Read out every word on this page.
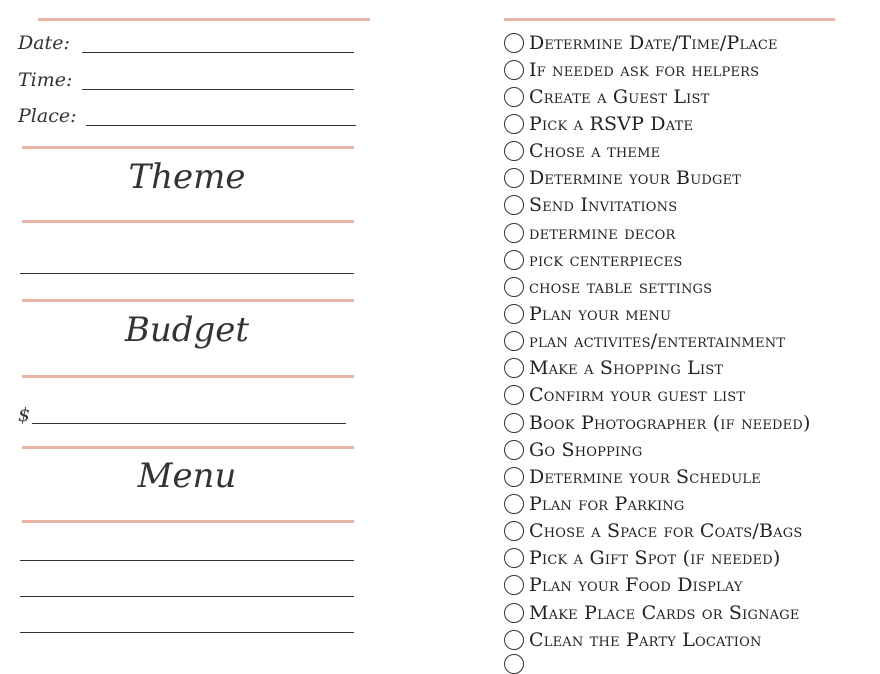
Date:
Time:
Place:
Theme
Budget
$
Menu
Determine Date/Time/Place
If needed ask for helpers
Create a Guest List
Pick a RSVP Date
Chose a theme
Determine your Budget
Send Invitations
determine decor
pick centerpieces
chose table settings
Plan your menu
plan activites/entertainment
Make a Shopping List
Confirm your guest list
Book Photographer (if needed)
Go Shopping
Determine your Schedule
Plan for Parking
Chose a Space for Coats/Bags
Pick a Gift Spot (if needed)
Plan your Food Display
Make Place Cards or Signage
Clean the Party Location
